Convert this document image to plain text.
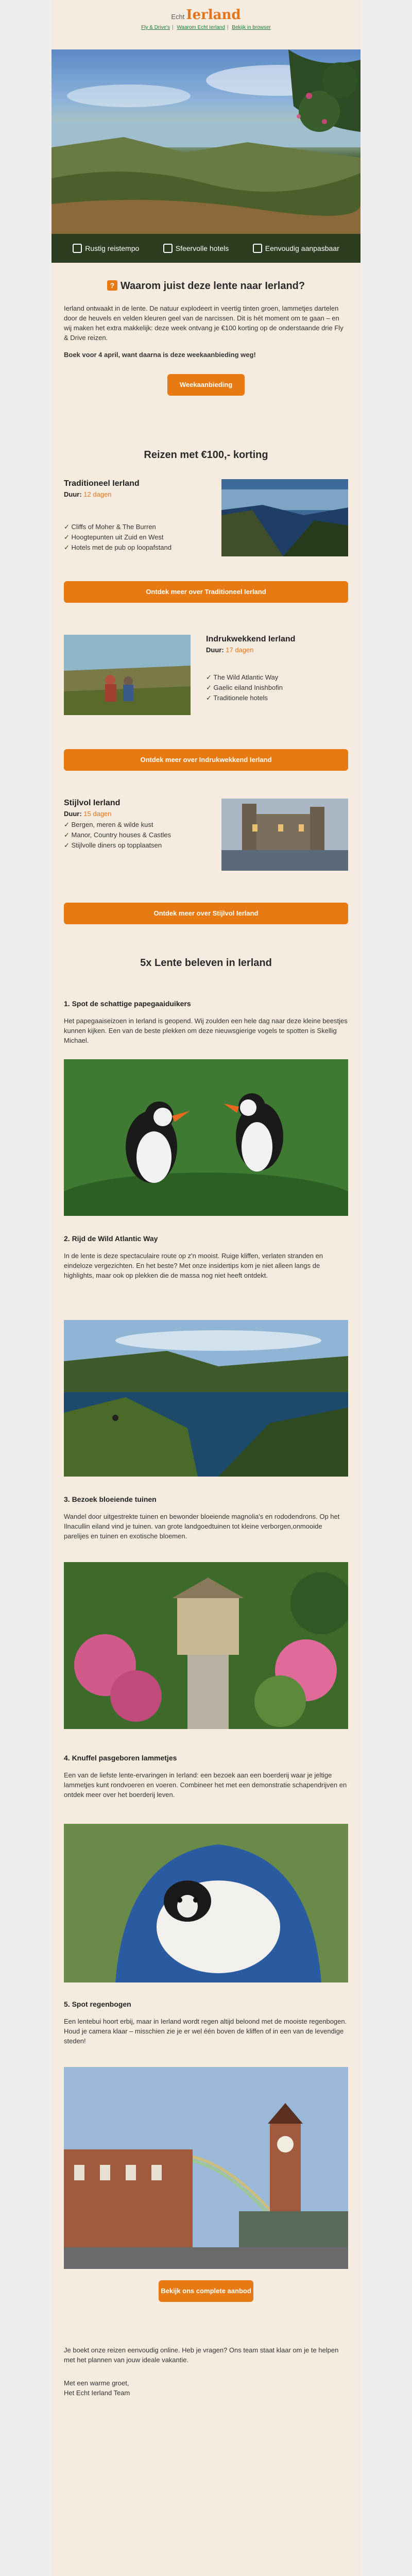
Echt Ierland
Fly & Drive's | Waarom Echt Ierland | Bekijk in browser
Rustig reistempo	Sfeervolle hotels	Eenvoudig aanpasbaar
? Waarom juist deze lente naar Ierland?

Ierland ontwaakt in de lente. De natuur explodeert in veertig tinten groen, lammetjes dartelen door de heuvels en velden kleuren geel van de narcissen. Dit is hét moment om te gaan – en wij maken het extra makkelijk: deze week ontvang je €100 korting op de onderstaande drie Fly & Drive reizen.

Boek voor 4 april, want daarna is deze weekaanbieding weg!

Weekaanbieding
Reizen met €100,- korting
Traditioneel Ierland
Duur: 12 dagen
✓ Cliffs of Moher & The Burren
✓ Hoogtepunten uit Zuid en West
✓ Hotels met de pub op loopafstand
Ontdek meer over Traditioneel Ierland
Indrukwekkend Ierland
Duur: 17 dagen
✓ The Wild Atlantic Way
✓ Gaelic eiland Inishbofin
✓ Traditionele hotels
Ontdek meer over Indrukwekkend Ierland
Stijlvol Ierland
Duur: 15 dagen
✓ Bergen, meren & wilde kust
✓ Manor, Country houses & Castles
✓ Stijlvolle diners op topplaatsen
Ontdek meer over Stijlvol Ierland
5x Lente beleven in Ierland
1. Spot de schattige papegaaiduikers

Het papegaaiseizoen in Ierland is geopend. Wij zoulden een hele dag naar deze kleine beestjes kunnen kijken. Een van de beste plekken om deze nieuwsgierige vogels te spotten is Skellig Michael.

2. Rijd de Wild Atlantic Way

In de lente is deze spectaculaire route op z'n mooist. Ruige kliffen, verlaten stranden en eindeloze vergezichten. En het beste? Met onze insidertips kom je niet alleen langs de highlights, maar ook op plekken die de massa nog niet heeft ontdekt.

3. Bezoek bloeiende tuinen

Wandel door uitgestrekte tuinen en bewonder bloeiende magnolia's en rododendrons. Op het Ilnacullin eiland vind je tuinen. van grote landgoedtuinen tot kleine verborgen,onmooide parelijes en tuinen en exotische bloemen.

4. Knuffel pasgeboren lammetjes

Een van de liefste lente-ervaringen in Ierland: een bezoek aan een boerderij waar je jeltige lammetjes kunt rondvoeren en voeren. Combineer het met een demonstratie schapendrijven en ontdek meer over het boerderij leven.

5. Spot regenbogen

Een lentebui hoort erbij, maar in Ierland wordt regen altijd beloond met de mooiste regenbogen. Houd je camera klaar – misschien zie je er wel één boven de kliffen of in een van de levendige steden!

Bekijk ons complete aanbod

Je boekt onze reizen eenvoudig online. Heb je vragen? Ons team staat klaar om je te helpen met het plannen van jouw ideale vakantie.

Met een warme groet,

Het Echt Ierland Team
